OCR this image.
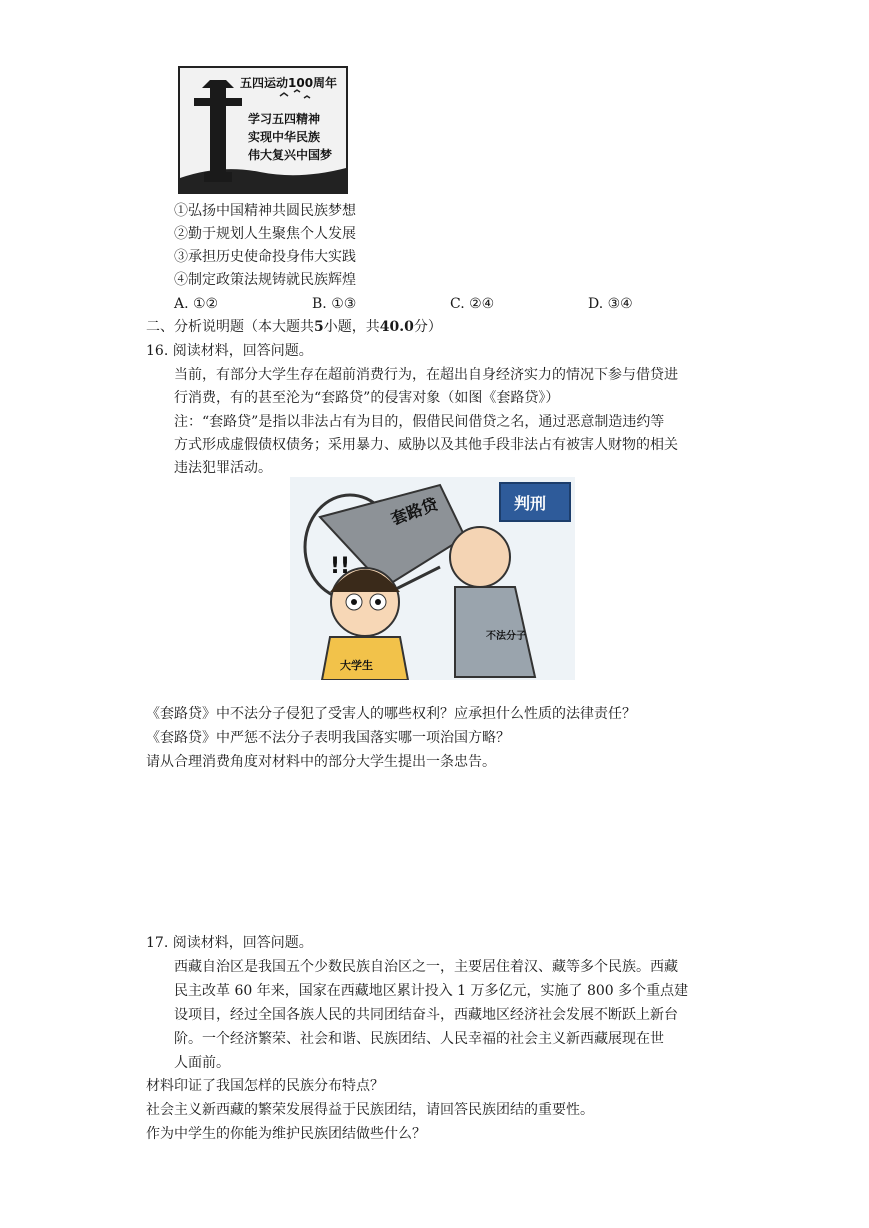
五四运动100周年
学习五四精神
实现中华民族
伟大复兴中国梦
①弘扬中国精神共圆民族梦想
②勤于规划人生聚焦个人发展
③承担历史使命投身伟大实践
④制定政策法规铸就民族辉煌
A. ①②	B. ①③	C. ②④	D. ③④
二、分析说明题（本大题共5小题，共40.0分）
16. 阅读材料，回答问题。
当前，有部分大学生存在超前消费行为，在超出自身经济实力的情况下参与借贷进
行消费，有的甚至沦为“套路贷”的侵害对象（如图《套路贷》）
注：“套路贷”是指以非法占有为目的，假借民间借贷之名，通过恶意制造违约等
方式形成虚假债权债务；采用暴力、威胁以及其他手段非法占有被害人财物的相关
违法犯罪活动。
!!
套路贷	判刑
大学生
不法分子
《套路贷》中不法分子侵犯了受害人的哪些权利？应承担什么性质的法律责任？
《套路贷》中严惩不法分子表明我国落实哪一项治国方略？
请从合理消费角度对材料中的部分大学生提出一条忠告。
17. 阅读材料，回答问题。
西藏自治区是我国五个少数民族自治区之一，主要居住着汉、藏等多个民族。西藏
民主改革 60 年来，国家在西藏地区累计投入 1 万多亿元，实施了 800 多个重点建
设项目，经过全国各族人民的共同团结奋斗，西藏地区经济社会发展不断跃上新台
阶。一个经济繁荣、社会和谐、民族团结、人民幸福的社会主义新西藏展现在世
人面前。
材料印证了我国怎样的民族分布特点？
社会主义新西藏的繁荣发展得益于民族团结，请回答民族团结的重要性。
作为中学生的你能为维护民族团结做些什么？
